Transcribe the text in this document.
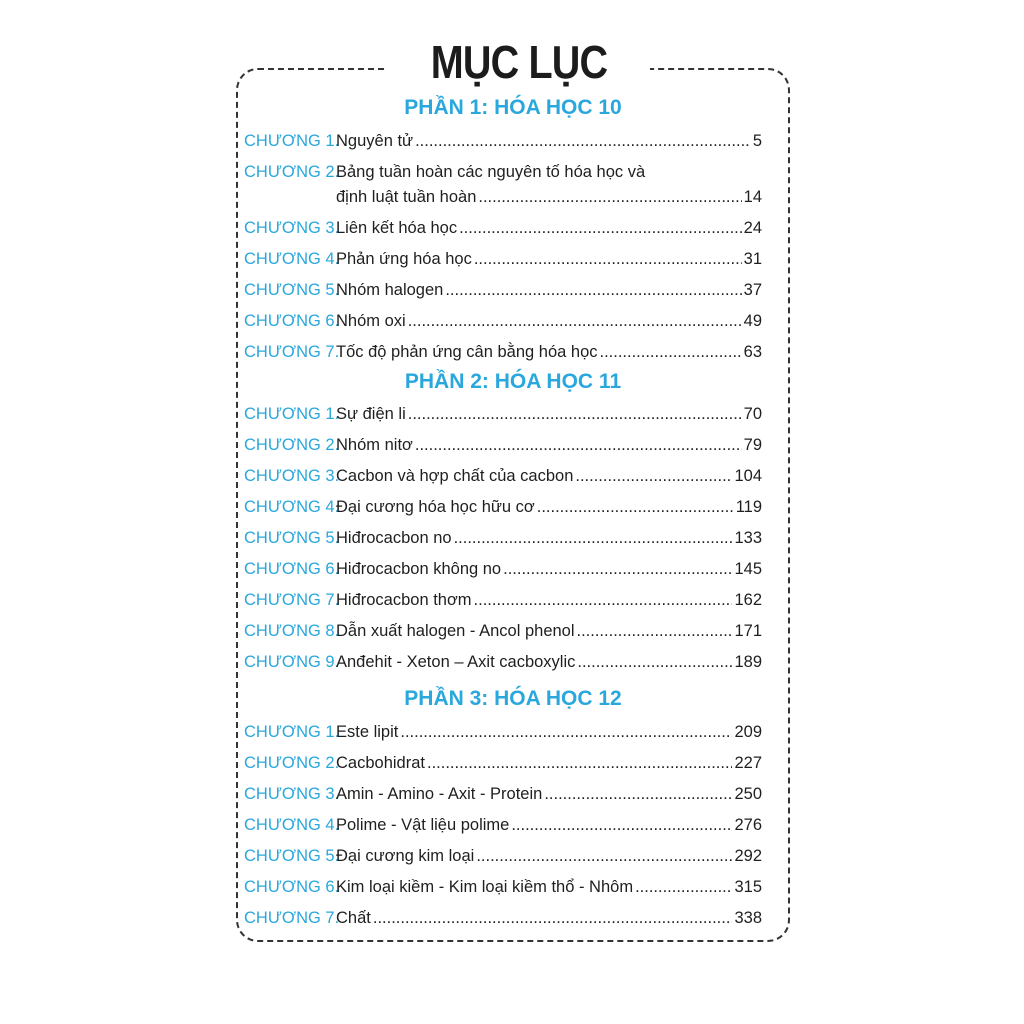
MỤC LỤC
PHẦN 1: HÓA HỌC 10
CHƯƠNG 1.
Nguyên tử .....	5
CHƯƠNG 2.
Bảng tuần hoàn các nguyên tố hóa học và
định luật tuần hoàn .....	14
CHƯƠNG 3.
Liên kết hóa học .....	24
CHƯƠNG 4.
Phản ứng hóa học .....	31
CHƯƠNG 5.
Nhóm halogen .....	37
CHƯƠNG 6.
Nhóm oxi .....	49
CHƯƠNG 7.
Tốc độ phản ứng cân bằng hóa học .....	63
PHẦN 2: HÓA HỌC 11
CHƯƠNG 1.
Sự điện li .....	70
CHƯƠNG 2.
Nhóm nitơ .....	79
CHƯƠNG 3.
Cacbon và hợp chất của cacbon .....	104
CHƯƠNG 4.
Đại cương hóa học hữu cơ .....	119
CHƯƠNG 5.
Hiđrocacbon no .....	133
CHƯƠNG 6.
Hiđrocacbon không no .....	145
CHƯƠNG 7.
Hiđrocacbon thơm .....	162
CHƯƠNG 8.
Dẫn xuất halogen - Ancol phenol .....	171
CHƯƠNG 9.
Anđehit - Xeton – Axit cacboxylic .....	189
PHẦN 3: HÓA HỌC 12
CHƯƠNG 1.
Este lipit .....	209
CHƯƠNG 2.
Cacbohidrat .....	227
CHƯƠNG 3.
Amin - Amino - Axit - Protein .....	250
CHƯƠNG 4.
Polime - Vật liệu polime .....	276
CHƯƠNG 5.
Đại cương kim loại .....	292
CHƯƠNG 6.
Kim loại kiềm - Kim loại kiềm thổ - Nhôm .....	315
CHƯƠNG 7.
Chất .....	338
